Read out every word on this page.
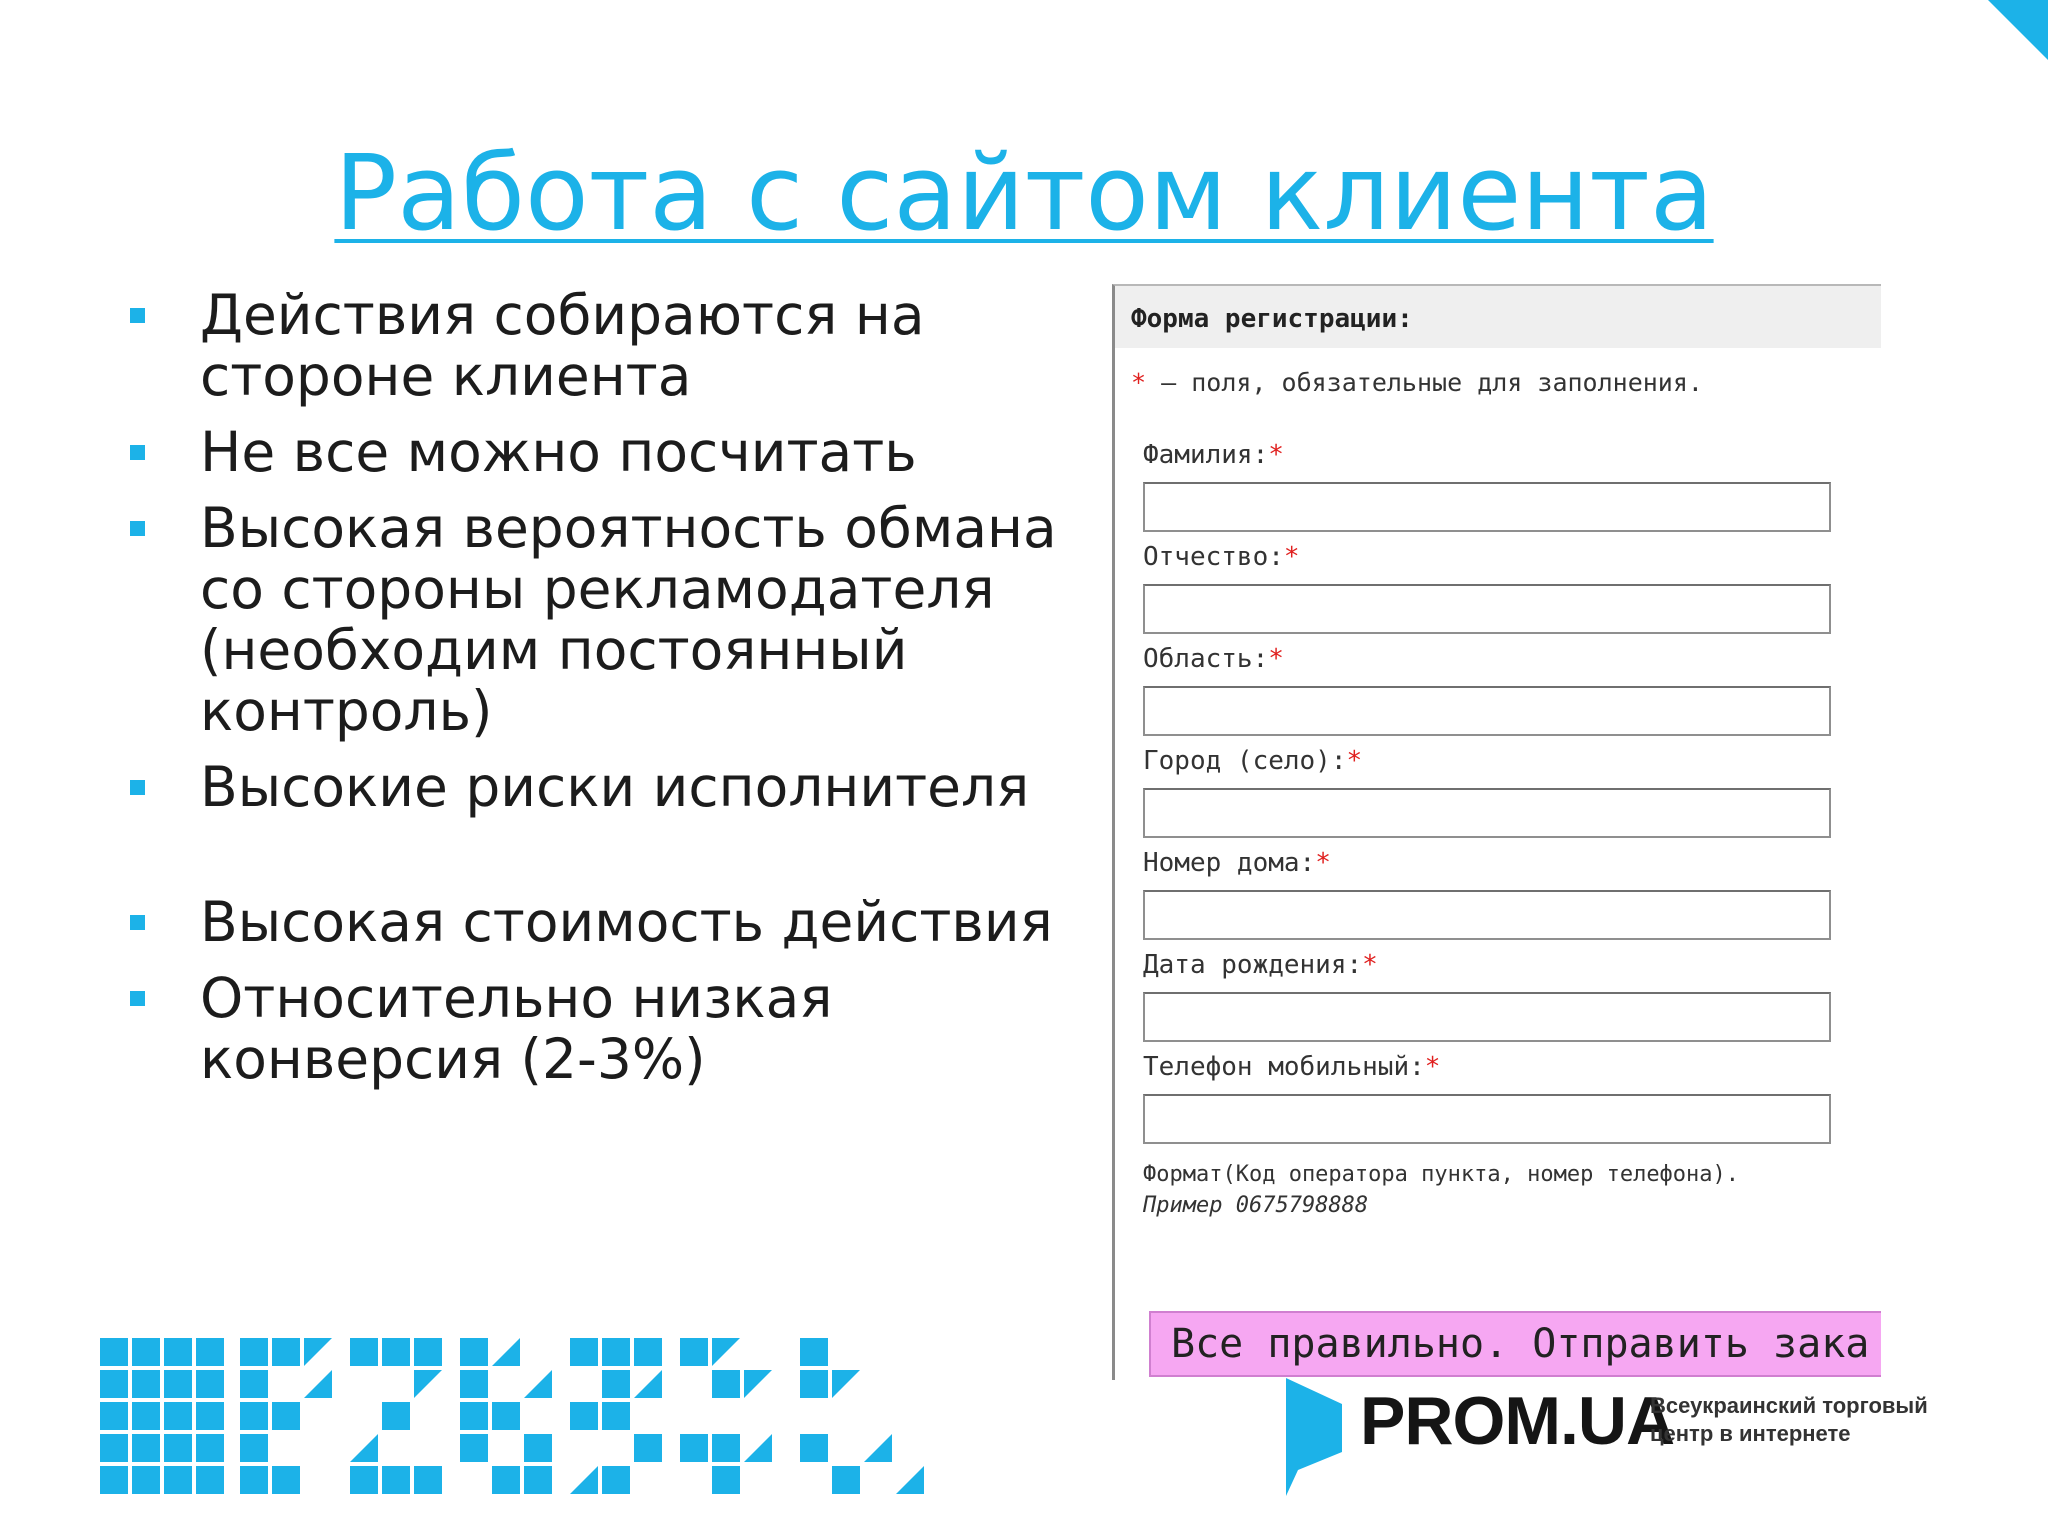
Работа с сайтом клиента
Действия собираются на стороне клиента
Не все можно посчитать
Высокая вероятность обмана со стороны рекламодателя (необходим постоянный контроль)
Высокие риски исполнителя
Высокая стоимость действия
Относительно низкая конверсия (2-3%)
Форма регистрации:
* — поля, обязательные для заполнения.
Фамилия:*
Отчество:*
Область:*
Город (село):*
Номер дома:*
Дата рождения:*
Телефон мобильный:*
Формат(Код оператора пункта, номер телефона).
Пример 0675798888
Все правильно. Отправить зака
PROM.UA
Всеукраинский торговый
центр в интернете
